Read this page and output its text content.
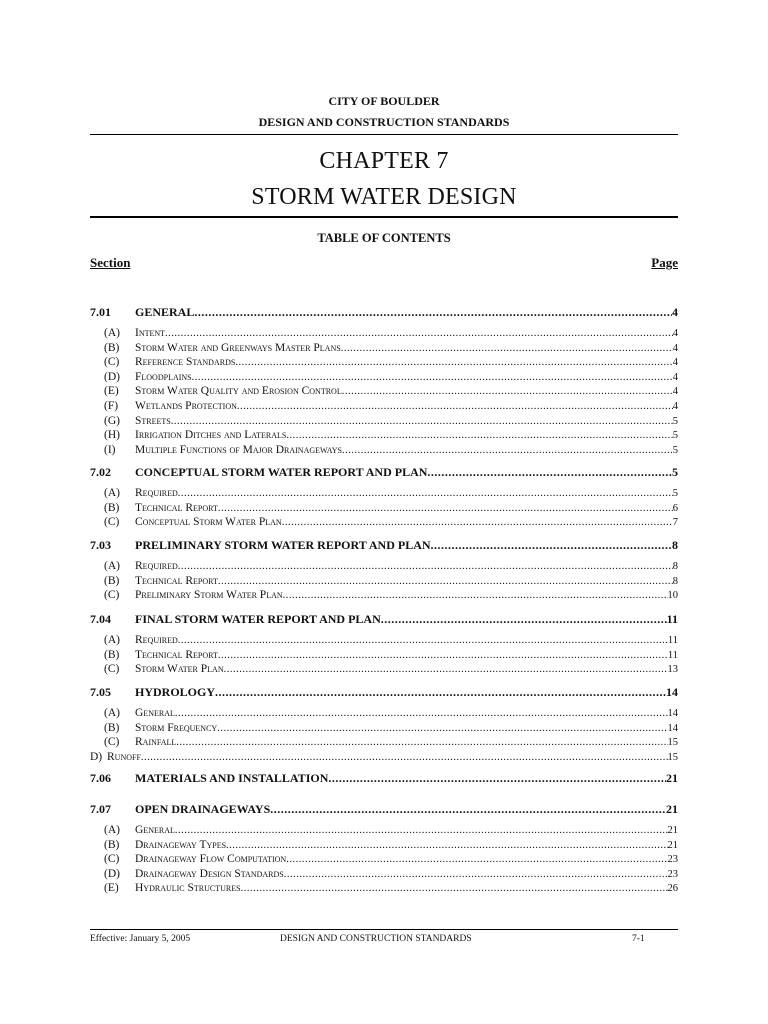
CITY OF BOULDER
DESIGN AND CONSTRUCTION STANDARDS
CHAPTER 7
STORM WATER DESIGN
TABLE OF CONTENTS
Section	Page
7.01	GENERAL .....	4
(A)	Intent .....	4
(B)	Storm Water and Greenways Master Plans .....	4
(C)	Reference Standards .....	4
(D)	Floodplains .....	4
(E)	Storm Water Quality and Erosion Control .....	4
(F)	Wetlands Protection .....	4
(G)	Streets .....	5
(H)	Irrigation Ditches and Laterals .....	5
(I)	Multiple Functions of Major Drainageways .....	5
7.02	CONCEPTUAL STORM WATER REPORT AND PLAN .....	5
(A)	Required .....	5
(B)	Technical Report .....	6
(C)	Conceptual Storm Water Plan .....	7
7.03	PRELIMINARY STORM WATER REPORT AND PLAN .....	8
(A)	Required .....	8
(B)	Technical Report .....	8
(C)	Preliminary Storm Water Plan .....	10
7.04	FINAL STORM WATER REPORT AND PLAN .....	11
(A)	Required .....	11
(B)	Technical Report .....	11
(C)	Storm Water Plan .....	13
7.05	HYDROLOGY .....	14
(A)	General .....	14
(B)	Storm Frequency .....	14
(C)	Rainfall .....	15
D) Runoff .....	15
7.06	MATERIALS AND INSTALLATION .....	21
7.07	OPEN DRAINAGEWAYS .....	21
(A)	General .....	21
(B)	Drainageway Types .....	21
(C)	Drainageway Flow Computation .....	23
(D)	Drainageway Design Standards .....	23
(E)	Hydraulic Structures .....	26
Effective: January 5, 2005	DESIGN AND CONSTRUCTION STANDARDS	7-1
